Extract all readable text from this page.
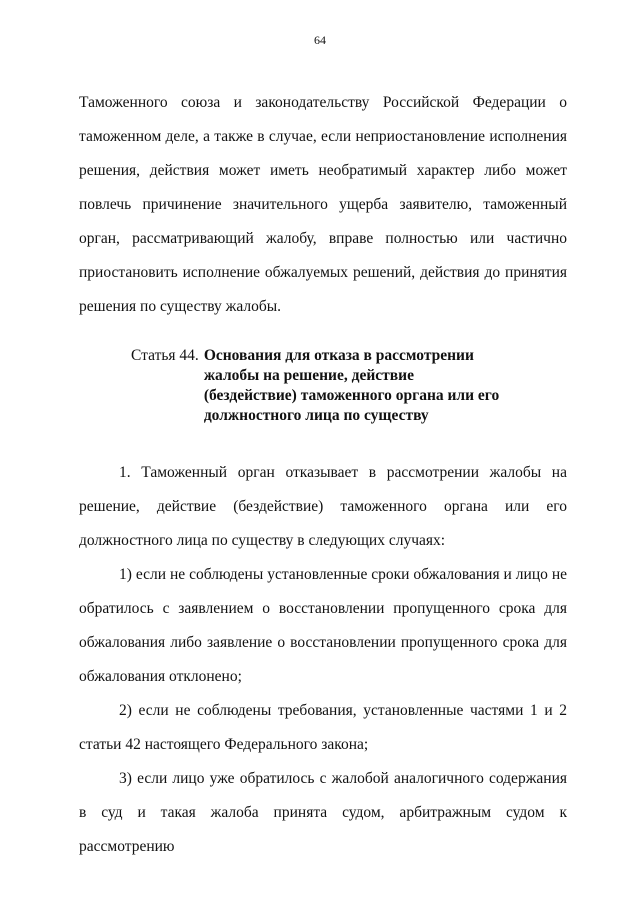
64

Таможенного союза и законодательству Российской Федерации о таможенном деле, а также в случае, если неприостановление исполнения решения, действия может иметь необратимый характер либо может повлечь причинение значительного ущерба заявителю, таможенный орган, рассматривающий жалобу, вправе полностью или частично приостановить исполнение обжалуемых решений, действия до принятия решения по существу жалобы.

Статья 44. Основания для отказа в рассмотрении жалобы на решение, действие (бездействие) таможенного органа или его должностного лица по существу

1. Таможенный орган отказывает в рассмотрении жалобы на решение, действие (бездействие) таможенного органа или его должностного лица по существу в следующих случаях:

1) если не соблюдены установленные сроки обжалования и лицо не обратилось с заявлением о восстановлении пропущенного срока для обжалования либо заявление о восстановлении пропущенного срока для обжалования отклонено;

2) если не соблюдены требования, установленные частями 1 и 2 статьи 42 настоящего Федерального закона;

3) если лицо уже обратилось с жалобой аналогичного содержания в суд и такая жалоба принята судом, арбитражным судом к рассмотрению
